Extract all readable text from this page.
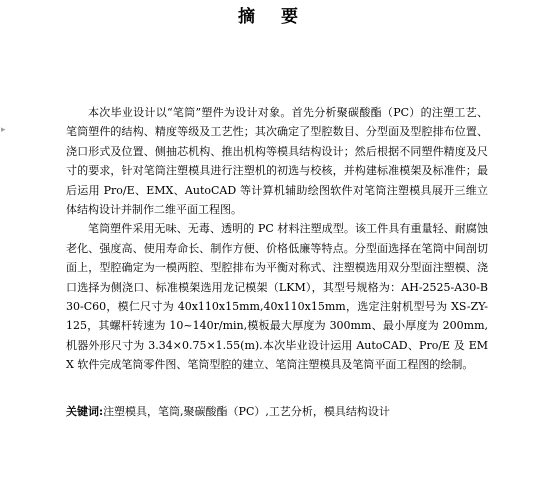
摘 要
▸

本次毕业设计以“笔筒”塑件为设计对象。首先分析聚碳酸酯（PC）的注塑工艺、笔筒塑件的结构、精度等级及工艺性；其次确定了型腔数目、分型面及型腔排布位置、浇口形式及位置、侧抽芯机构、推出机构等模具结构设计；然后根据不同塑件精度及尺寸的要求，针对笔筒注塑模具进行注塑机的初选与校核，并构建标准模架及标准件；最后运用 Pro/E、EMX、AutoCAD 等计算机辅助绘图软件对笔筒注塑模具展开三维立体结构设计并制作二维平面工程图。

笔筒塑件采用无味、无毒、透明的 PC 材料注塑成型。该工件具有重量轻、耐腐蚀老化、强度高、使用寿命长、制作方便、价格低廉等特点。分型面选择在笔筒中间剖切面上，型腔确定为一模两腔、型腔排布为平衡对称式、注塑模选用双分型面注塑模、浇口选择为侧浇口、标准模架选用龙记模架（LKM），其型号规格为：AH-2525-A30-B30-C60，模仁尺寸为 40x110x15mm,40x110x15mm，选定注射机型号为 XS-ZY-125，其螺杆转速为 10~140r/min,模板最大厚度为 300mm、最小厚度为 200mm,机器外形尺寸为 3.34×0.75×1.55(m).本次毕业设计运用 AutoCAD、Pro/E 及 EMX 软件完成笔筒零件图、笔筒型腔的建立、笔筒注塑模具及笔筒平面工程图的绘制。

关键词:注塑模具，笔筒,聚碳酸酯（PC）,工艺分析，模具结构设计
